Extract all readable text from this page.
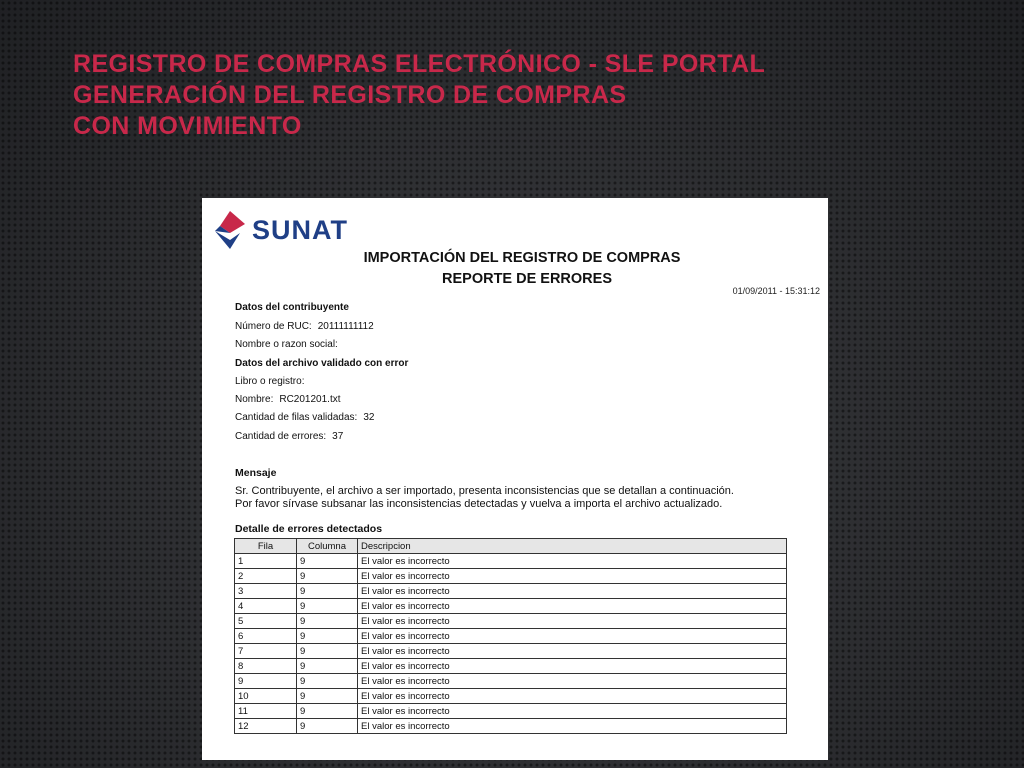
REGISTRO DE COMPRAS ELECTRÓNICO - SLE PORTAL
GENERACIÓN DEL REGISTRO DE COMPRAS
CON MOVIMIENTO
SUNAT
IMPORTACIÓN DEL REGISTRO DE COMPRAS
REPORTE DE ERRORES
01/09/2011 - 15:31:12
Datos del contribuyente
Número de RUC: 20111111112
Nombre o razon social:
Datos del archivo validado con error
Libro o registro:
Nombre: RC201201.txt
Cantidad de filas validadas: 32
Cantidad de errores: 37
Mensaje
Sr. Contribuyente, el archivo a ser importado, presenta inconsistencias que se detallan a continuación.
Por favor sírvase subsanar las inconsistencias detectadas y vuelva a importa el archivo actualizado.
Detalle de errores detectados
Fila	Columna	Descripcion
1	9	El valor es incorrecto
2	9	El valor es incorrecto
3	9	El valor es incorrecto
4	9	El valor es incorrecto
5	9	El valor es incorrecto
6	9	El valor es incorrecto
7	9	El valor es incorrecto
8	9	El valor es incorrecto
9	9	El valor es incorrecto
10	9	El valor es incorrecto
11	9	El valor es incorrecto
12	9	El valor es incorrecto
